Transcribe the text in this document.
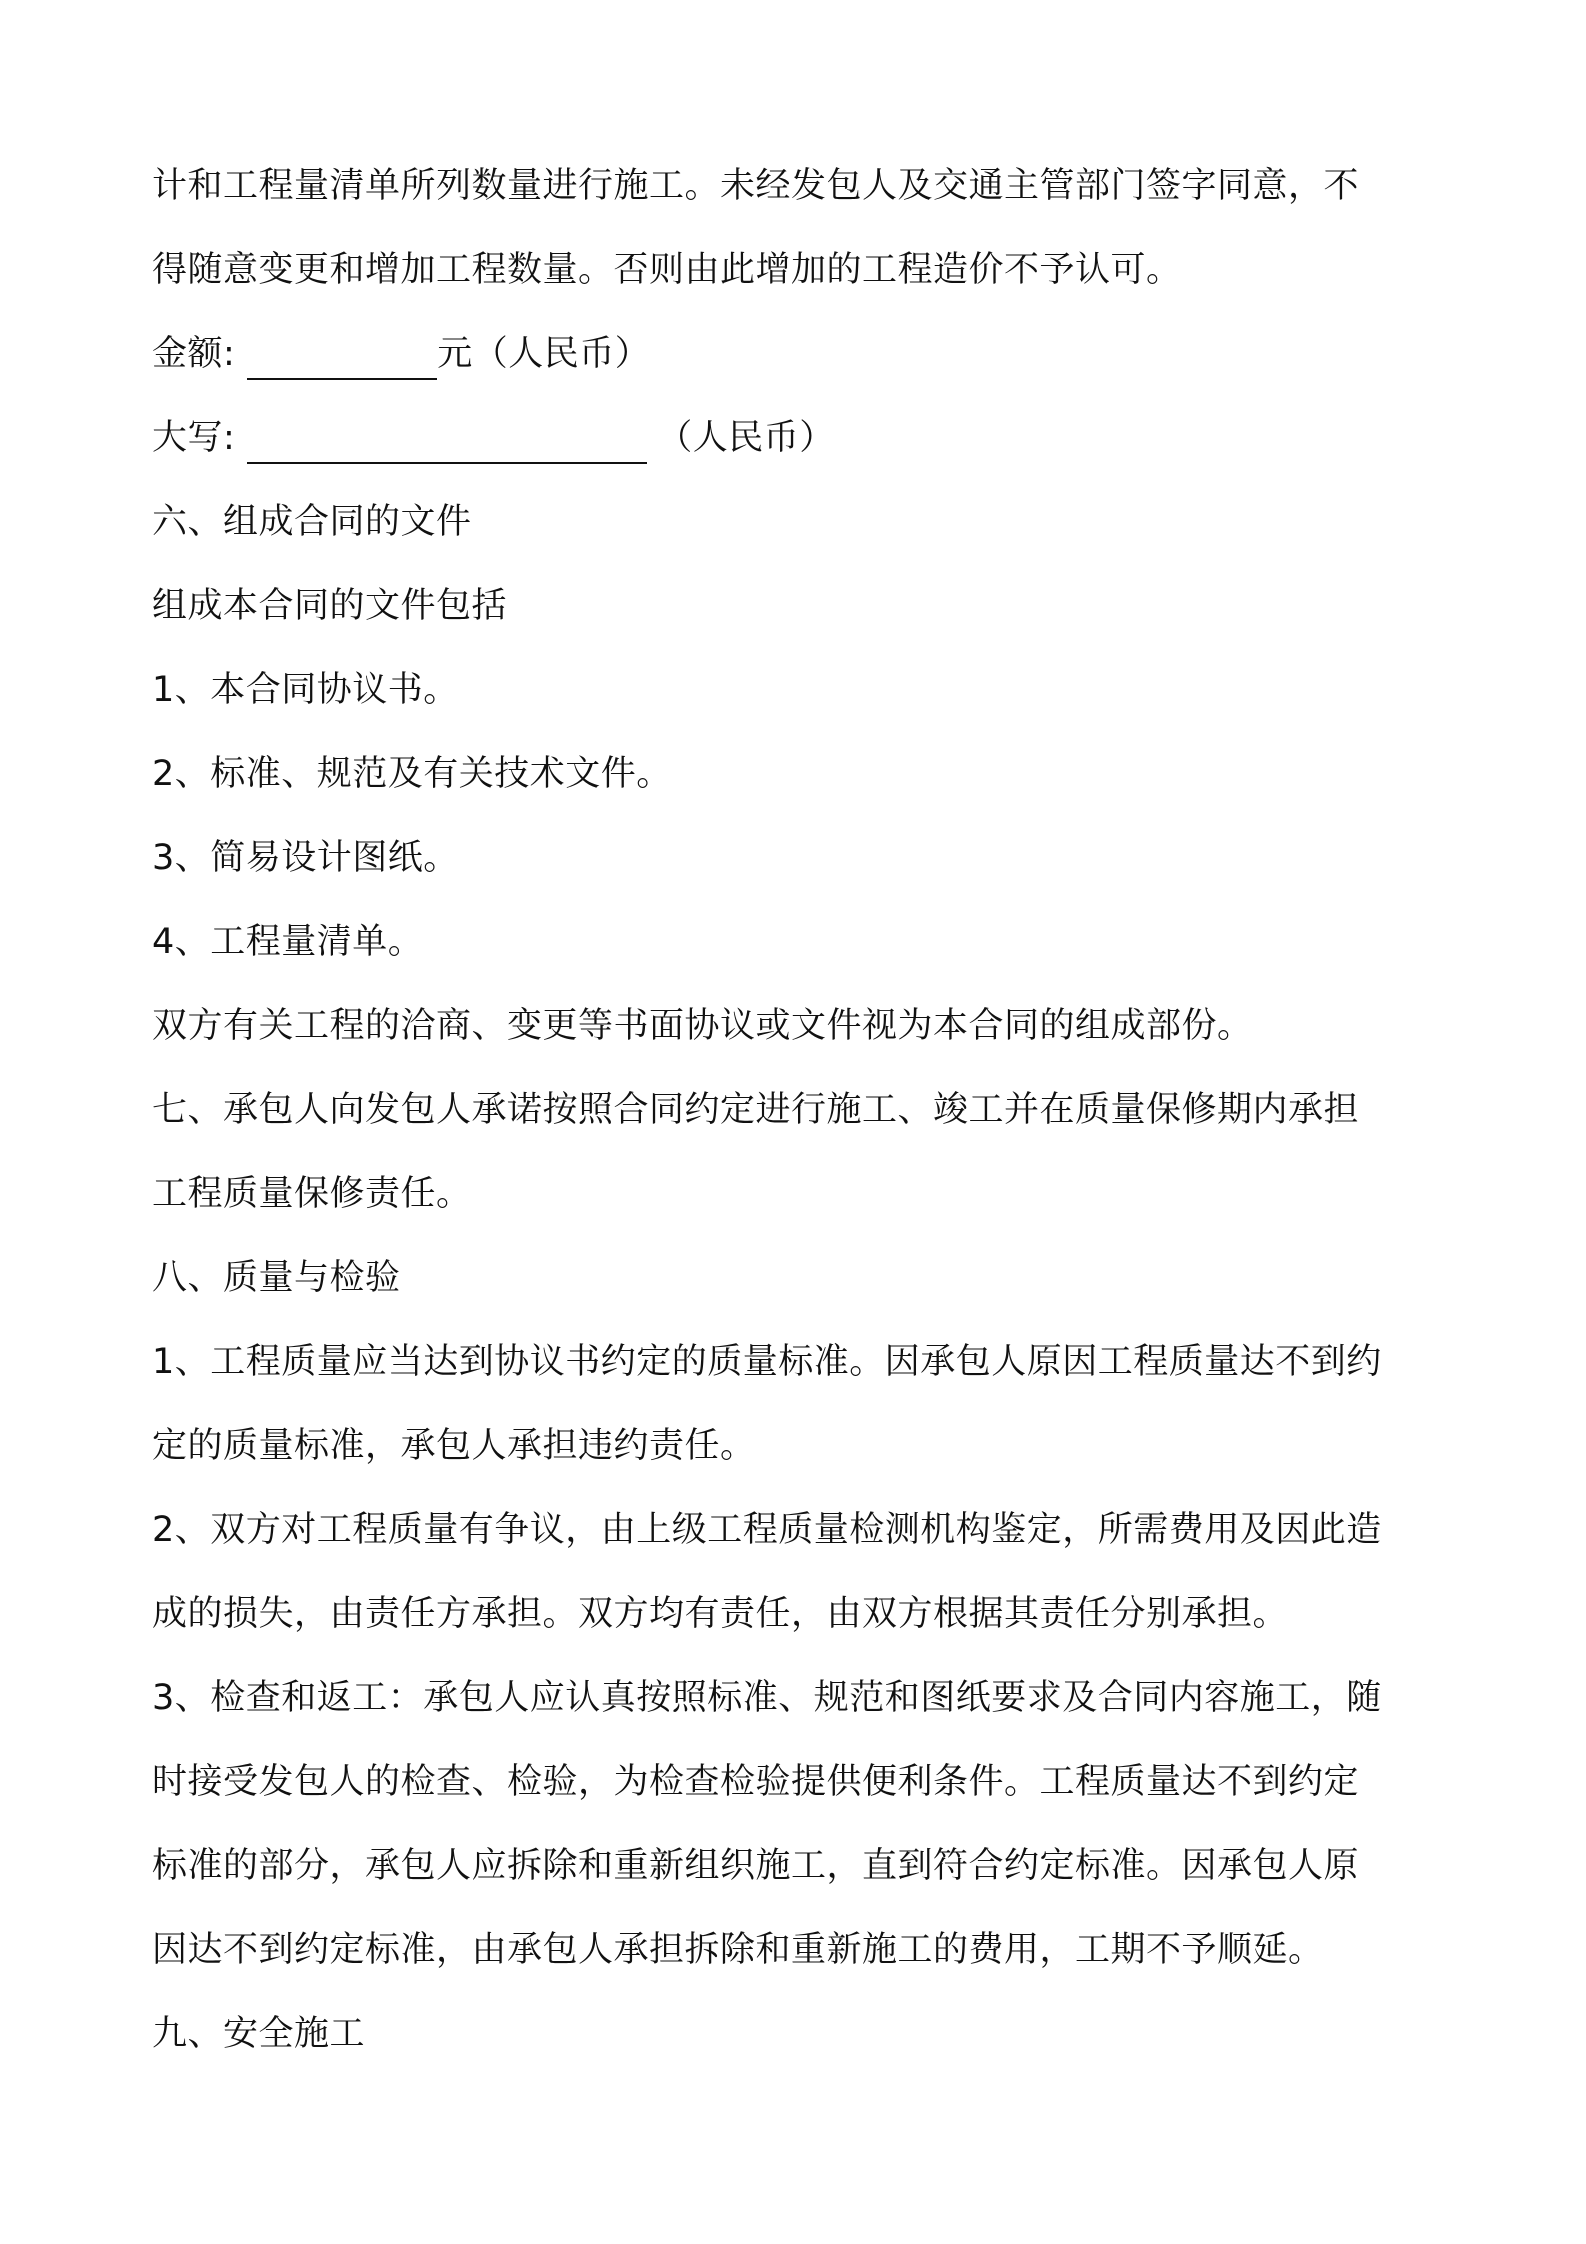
计和工程量清单所列数量进行施工。未经发包人及交通主管部门签字同意，不
得随意变更和增加工程数量。否则由此增加的工程造价不予认可。
金额:	元（人民币）
大写:	（人民币）
六、组成合同的文件
组成本合同的文件包括
1、本合同协议书。
2、标准、规范及有关技术文件。
3、简易设计图纸。
4、工程量清单。
双方有关工程的洽商、变更等书面协议或文件视为本合同的组成部份。
七、承包人向发包人承诺按照合同约定进行施工、竣工并在质量保修期内承担
工程质量保修责任。
八、质量与检验
1、工程质量应当达到协议书约定的质量标准。因承包人原因工程质量达不到约
定的质量标准，承包人承担违约责任。
2、双方对工程质量有争议，由上级工程质量检测机构鉴定，所需费用及因此造
成的损失，由责任方承担。双方均有责任，由双方根据其责任分别承担。
3、检查和返工：承包人应认真按照标准、规范和图纸要求及合同内容施工，随
时接受发包人的检查、检验，为检查检验提供便利条件。工程质量达不到约定
标准的部分，承包人应拆除和重新组织施工，直到符合约定标准。因承包人原
因达不到约定标准，由承包人承担拆除和重新施工的费用，工期不予顺延。
九、安全施工
